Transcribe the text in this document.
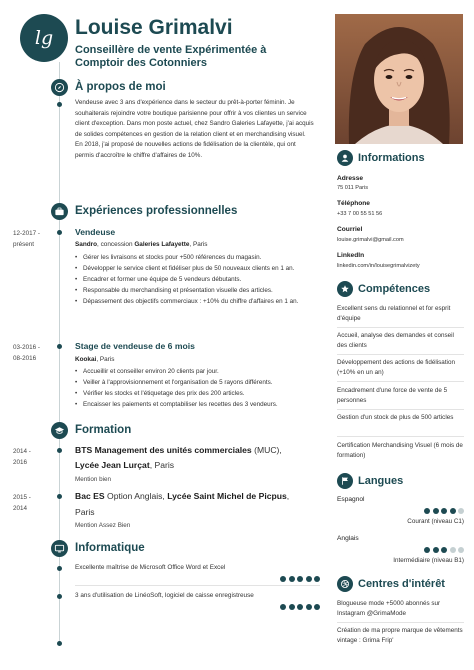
lg Louise Grimalvi
Conseillère de vente Expérimentée à
Comptoir des Cotonniers
À propos de moi
Vendeuse avec 3 ans d'expérience dans le secteur du prêt-à-porter féminin. Je souhaiterais rejoindre votre boutique parisienne pour offrir à vos clientes un service client d'exception. Dans mon poste actuel, chez Sandro Galeries Lafayette, j'ai acquis de solides compétences en gestion de la relation client et en merchandising visuel. En 2018, j'ai proposé de nouvelles actions de fidélisation de la clientèle, qui ont permis d'accroître le chiffre d'affaires de 10%.
Expériences professionnelles
12-2017 -
présent
Vendeuse
Sandro, concession Galeries Lafayette, Paris
• Gérer les livraisons et stocks pour +500 références du magasin.
• Développer le service client et fidéliser plus de 50 nouveaux clients en 1 an.
• Encadrer et former une équipe de 5 vendeurs débutants.
• Responsable du merchandising et présentation visuelle des articles.
• Dépassement des objectifs commerciaux : +10% du chiffre d'affaires en 1 an.
03-2016 -
08-2016
Stage de vendeuse de 6 mois
Kookai, Paris
• Accueillir et conseiller environ 20 clients par jour.
• Veiller à l'approvisionnement et l'organisation de 5 rayons différents.
• Vérifier les stocks et l'étiquetage des prix des 200 articles.
• Encaisser les paiements et comptabiliser les recettes des 3 vendeurs.
Formation
2014 -
2016
BTS Management des unités commerciales (MUC),
Lycée Jean Lurçat, Paris
Mention bien
2015 -
2014
Bac ES Option Anglais, Lycée Saint Michel de Picpus,
Paris
Mention Assez Bien
Informatique
Excellente maîtrise de Microsoft Office Word et Excel
3 ans d'utilisation de LinéoSoft, logiciel de caisse enregistreuse
Informations
Adresse
75 011 Paris
Téléphone
+33 7 00 55 51 56
Courriel
louise.grimalvi@gmail.com
LinkedIn
linkedin.com/in/louisegrimalvizety
Compétences
Excellent sens du relationnel et for esprit d'équipe
Accueil, analyse des demandes et conseil des clients
Développement des actions de fidélisation (+10% en un an)
Encadrement d'une force de vente de 5 personnes
Gestion d'un stock de plus de 500 articles
Certification Merchandising Visuel (6 mois de formation)
Langues
Espagnol
Courant (niveau C1)
Anglais
Intermédiaire (niveau B1)
Centres d'intérêt
Blogueuse mode +5000 abonnés sur Instagram @GrimaMode
Création de ma propre marque de vêtements vintage : Grima Frip'
